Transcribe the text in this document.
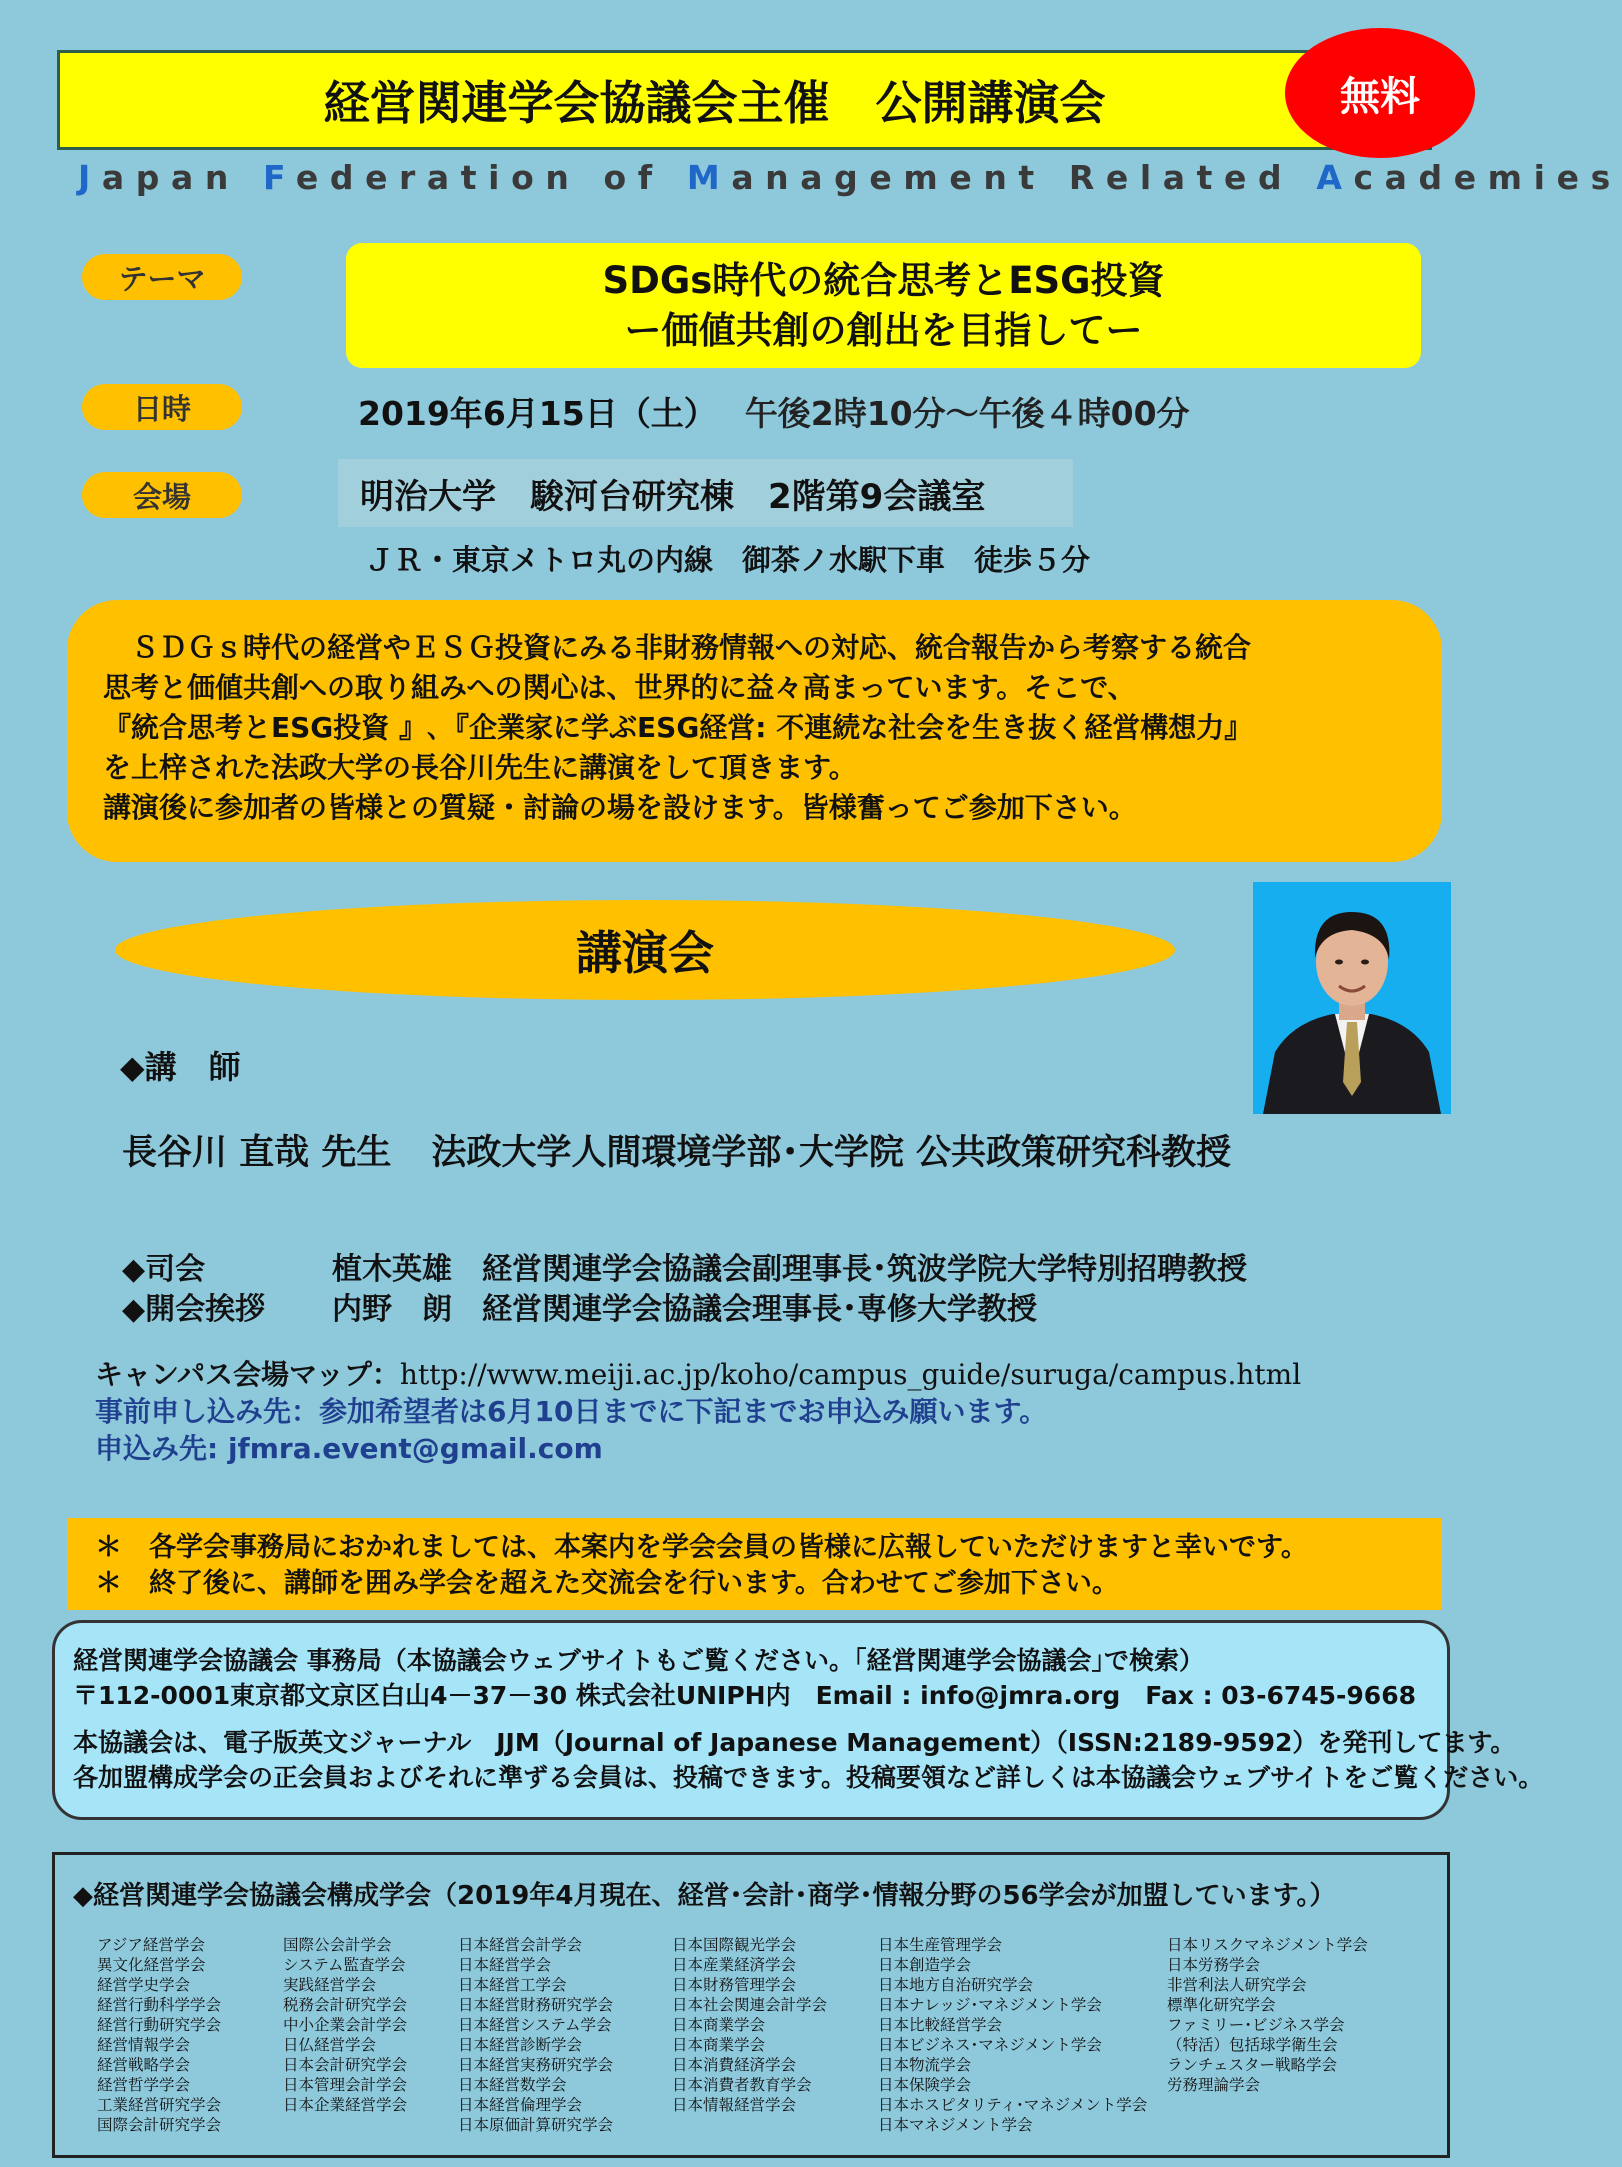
経営関連学会協議会主催　公開講演会	無料
Japan Federation of Management Related Academies
テーマ	SDGs時代の統合思考とESG投資
ー価値共創の創出を目指してー
日時	2019年6月15日（土） 午後2時10分～午後４時00分
会場	明治大学　駿河台研究棟　2階第9会議室
ＪＲ・東京メトロ丸の内線　御茶ノ水駅下車　徒歩５分

　ＳＤＧｓ時代の経営やＥＳＧ投資にみる非財務情報への対応、統合報告から考察する統合

思考と価値共創への取り組みへの関心は、世界的に益々高まっています。そこで、

『統合思考とESG投資 』､『企業家に学ぶESG経営: 不連続な社会を生き抜く経営構想力』

を上梓された法政大学の長谷川先生に講演をして頂きます。

講演後に参加者の皆様との質疑・討論の場を設けます。皆様奮ってご参加下さい。

講演会
◆講　師
長谷川 直哉 先生 法政大学人間環境学部･大学院 公共政策研究科教授
◆司会	植木英雄　経営関連学会協議会副理事長･筑波学院大学特別招聘教授
◆開会挨拶	内野　朗　経営関連学会協議会理事長･専修大学教授
キャンパス会場マップ：http://www.meiji.ac.jp/koho/campus_guide/suruga/campus.html
事前申し込み先：参加希望者は6月10日までに下記までお申込み願います。
申込み先: jfmra.event@gmail.com

＊　各学会事務局におかれましては、本案内を学会会員の皆様に広報していただけますと幸いです。

＊　終了後に、講師を囲み学会を超えた交流会を行います。合わせてご参加下さい。

経営関連学会協議会 事務局（本協議会ウェブサイトもご覧ください。｢経営関連学会協議会｣で検索）

〒112-0001東京都文京区白山4－37－30 株式会社UNIPH内　Email : info@jmra.org　Fax : 03-6745-9668

本協議会は、電子版英文ジャーナル　JJM（Journal of Japanese Management）（ISSN:2189-9592）を発刊してます。

各加盟構成学会の正会員およびそれに準ずる会員は、投稿できます。投稿要領など詳しくは本協議会ウェブサイトをご覧ください。

◆経営関連学会協議会構成学会（2019年4月現在、経営･会計･商学･情報分野の56学会が加盟しています。）
アジア経営学会
異文化経営学会
経営学史学会
経営行動科学学会
経営行動研究学会
経営情報学会
経営戦略学会
経営哲学学会
工業経営研究学会
国際会計研究学会
国際公会計学会
システム監査学会
実践経営学会
税務会計研究学会
中小企業会計学会
日仏経営学会
日本会計研究学会
日本管理会計学会
日本企業経営学会
日本経営会計学会
日本経営学会
日本経営工学会
日本経営財務研究学会
日本経営システム学会
日本経営診断学会
日本経営実務研究学会
日本経営数学会
日本経営倫理学会
日本原価計算研究学会
日本国際観光学会
日本産業経済学会
日本財務管理学会
日本社会関連会計学会
日本商業学会
日本商業学会
日本消費経済学会
日本消費者教育学会
日本情報経営学会
日本生産管理学会
日本創造学会
日本地方自治研究学会
日本ナレッジ･マネジメント学会
日本比較経営学会
日本ビジネス･マネジメント学会
日本物流学会
日本保険学会
日本ホスピタリティ･マネジメント学会
日本マネジメント学会
日本リスクマネジメント学会
日本労務学会
非営利法人研究学会
標準化研究学会
ファミリー･ビジネス学会
（特活）包括球学衛生会
ランチェスター戦略学会
労務理論学会
